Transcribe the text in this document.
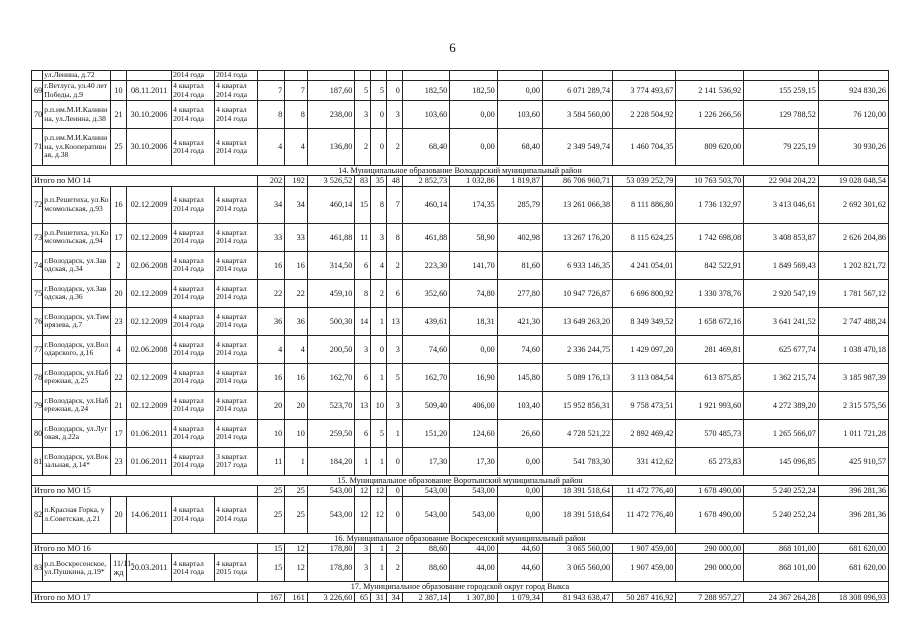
6
	ул.Ленина, д.72			2014 года	2014 года														
69	г.Ветлуга, ул.40 лет Победы, д.9	10	08.11.2011	4 квартал 2014 года	4 квартал 2014 года	7	7	187,60	5	5	0	182,50	182,50	0,00	6 071 289,74	3 774 493,67	2 141 536,92	155 259,15	924 830,26
70	р.п.им.М.И.Калинина, ул.Ленина, д.38	21	30.10.2006	4 квартал 2014 года	4 квартал 2014 года	8	8	238,00	3	0	3	103,60	0,00	103,60	3 584 560,00	2 228 504,92	1 226 266,56	129 788,52	76 120,00
71	р.п.им.М.И.Калинина, ул.Кооперативная, д.38	25	30.10.2006	4 квартал 2014 года	4 квартал 2014 года	4	4	136,80	2	0	2	68,40	0,00	68,40	2 349 549,74	1 460 704,35	809 620,00	79 225,19	30 930,26
14. Муниципальное образование Володарский муниципальный район																			
Итого по МО 14						202	192	3 526,52	83	35	48	2 852,73	1 032,86	1 819,87	86 706 960,71	53 039 252,79	10 763 503,70	22 904 204,22	19 028 048,54
72	р.п.Решетиха, ул.Комсомольская, д.93	16	02.12.2009	4 квартал 2014 года	4 квартал 2014 года	34	34	460,14	15	8	7	460,14	174,35	285,79	13 261 066,38	8 111 886,80	1 736 132,97	3 413 046,61	2 692 301,62
73	р.п.Решетиха, ул.Комсомольская, д.94	17	02.12.2009	4 квартал 2014 года	4 квартал 2014 года	33	33	461,88	11	3	8	461,88	58,90	402,98	13 267 176,20	8 115 624,25	1 742 698,08	3 408 853,87	2 626 204,86
74	г.Володарск, ул.Заводская, д.34	2	02.06.2008	4 квартал 2014 года	4 квартал 2014 года	16	16	314,50	6	4	2	223,30	141,70	81,60	6 933 146,35	4 241 054,01	842 522,91	1 849 569,43	1 202 821,72
75	г.Володарск, ул.Заводская, д.36	20	02.12.2009	4 квартал 2014 года	4 квартал 2014 года	22	22	459,10	8	2	6	352,60	74,80	277,80	10 947 726,87	6 696 800,92	1 330 378,76	2 920 547,19	1 781 567,12
76	г.Володарск, ул.Тимирязева, д.7	23	02.12.2009	4 квартал 2014 года	4 квартал 2014 года	36	36	500,30	14	1	13	439,61	18,31	421,30	13 649 263,20	8 349 349,52	1 658 672,16	3 641 241,52	2 747 488,24
77	г.Володарск, ул.Володарского, д.16	4	02.06.2008	4 квартал 2014 года	4 квартал 2014 года	4	4	200,50	3	0	3	74,60	0,00	74,60	2 336 244,75	1 429 097,20	281 469,81	625 677,74	1 038 470,18
78	г.Володарск, ул.Набережная, д.25	22	02.12.2009	4 квартал 2014 года	4 квартал 2014 года	16	16	162,70	6	1	5	162,70	16,90	145,80	5 089 176,13	3 113 084,54	613 875,85	1 362 215,74	3 185 987,39
79	г.Володарск, ул.Набережная, д.24	21	02.12.2009	4 квартал 2014 года	4 квартал 2014 года	20	20	523,70	13	10	3	509,40	406,00	103,40	15 952 856,31	9 758 473,51	1 921 993,60	4 272 389,20	2 315 575,56
80	г.Володарск, ул.Луговая, д.22а	17	01.06.2011	4 квартал 2014 года	4 квартал 2014 года	10	10	259,50	6	5	1	151,20	124,60	26,60	4 728 521,22	2 892 469,42	570 485,73	1 265 566,07	1 011 721,28
81	г.Володарск, ул.Вокзальная, д.14*	23	01.06.2011	4 квартал 2014 года	3 квартал 2017 года	11	1	184,20	1	1	0	17,30	17,30	0,00	541 783,30	331 412,62	65 273,83	145 096,85	425 910,57
15. Муниципальное образование Воротынский муниципальный район																			
Итого по МО 15						25	25	543,00	12	12	0	543,00	543,00	0,00	18 391 518,64	11 472 776,40	1 678 490,00	5 240 252,24	396 281,36
82	п.Красная Горка, ул.Советская, д.21	20	14.06.2011	4 квартал 2014 года	4 квартал 2014 года	25	25	543,00	12	12	0	543,00	543,00	0,00	18 391 518,64	11 472 776,40	1 678 490,00	5 240 252,24	396 281,36
16. Муниципальное образование Воскресенский муниципальный район																			
Итого по МО 16						15	12	178,80	3	1	2	88,60	44,00	44,60	3 065 560,00	1 907 459,00	290 000,00	868 101,00	681 620,00
83	р.п.Воскресенское, ул.Пушкина, д.19*	11/11-жд	20.03.2011	4 квартал 2014 года	4 квартал 2015 года	15	12	178,80	3	1	2	88,60	44,00	44,60	3 065 560,00	1 907 459,00	290 000,00	868 101,00	681 620,00
17. Муниципальное образование городской округ город Выкса																			
Итого по МО 17						167	161	3 226,60	65	31	34	2 387,14	1 307,80	1 079,34	81 943 638,47	50 287 416,92	7 288 957,27	24 367 264,28	18 308 096,93
